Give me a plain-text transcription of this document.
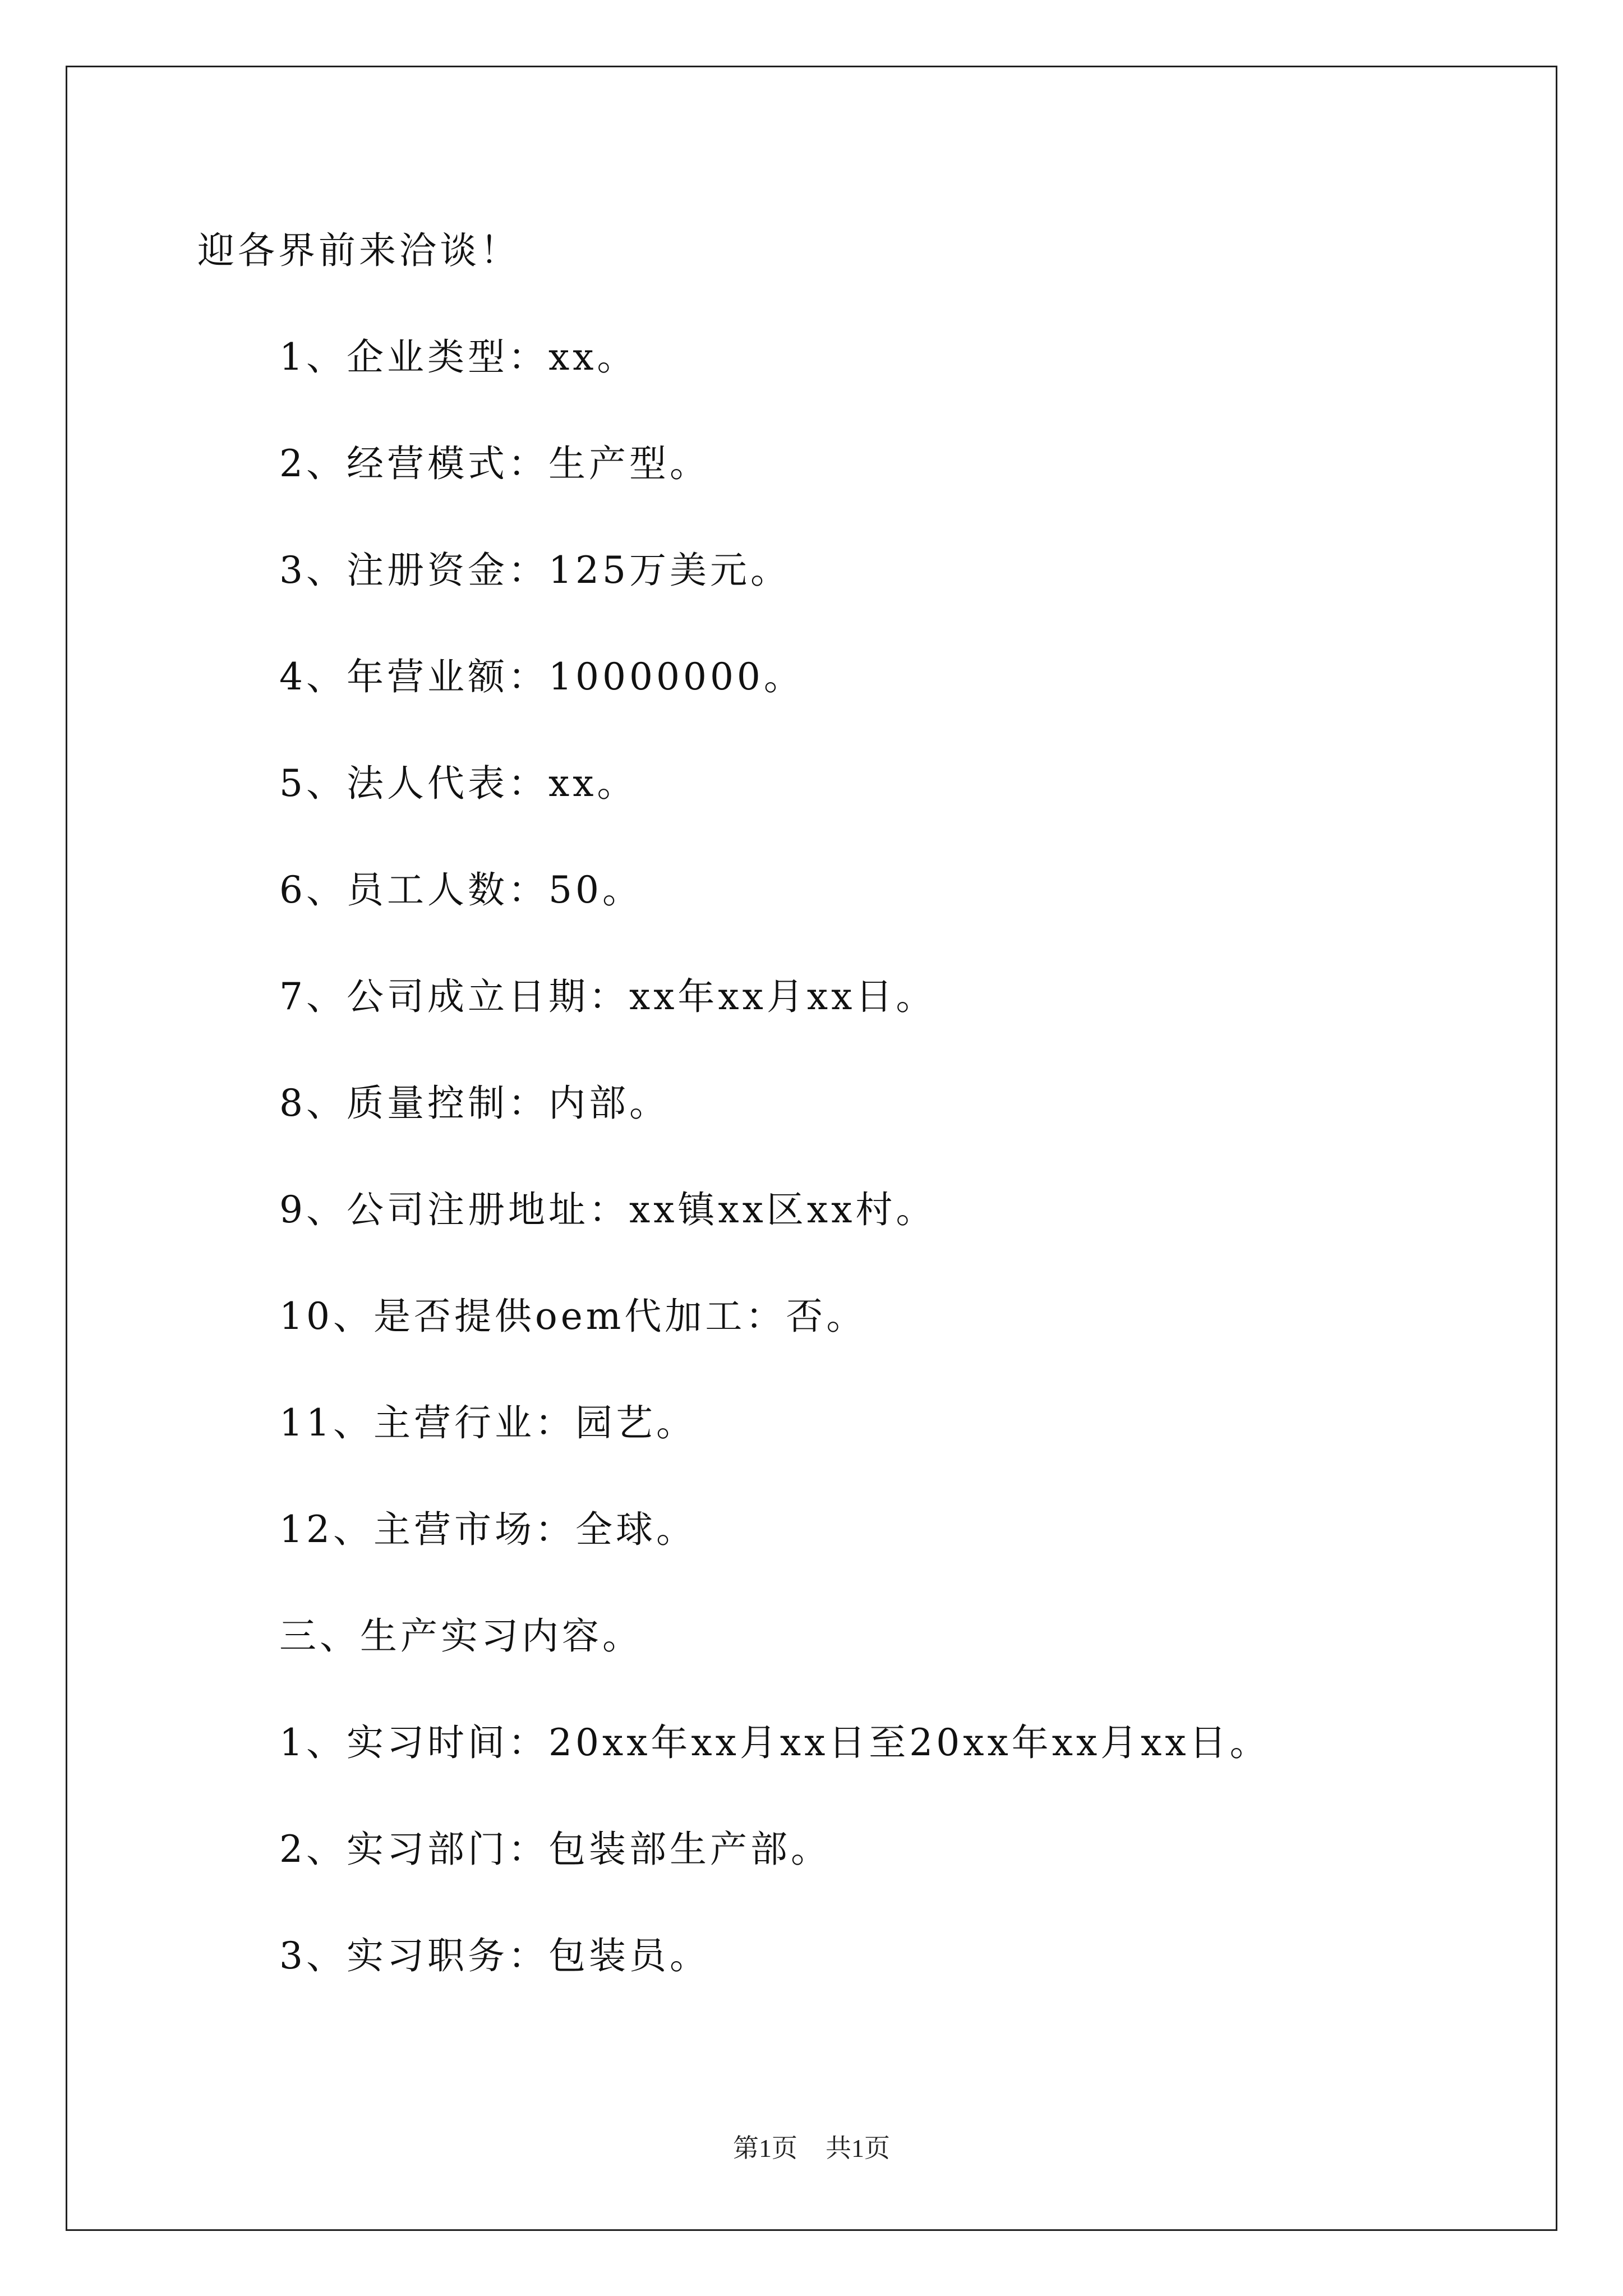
迎各界前来洽谈！
1、企业类型：xx。
2、经营模式：生产型。
3、注册资金：125万美元。
4、年营业额：10000000。
5、法人代表：xx。
6、员工人数：50。
7、公司成立日期：xx年xx月xx日。
8、质量控制：内部。
9、公司注册地址：xx镇xx区xx村。
10、是否提供oem代加工：否。
11、主营行业：园艺。
12、主营市场：全球。
三、生产实习内容。
1、实习时间：20xx年xx月xx日至20xx年xx月xx日。
2、实习部门：包装部生产部。
3、实习职务：包装员。
第1页 共1页
